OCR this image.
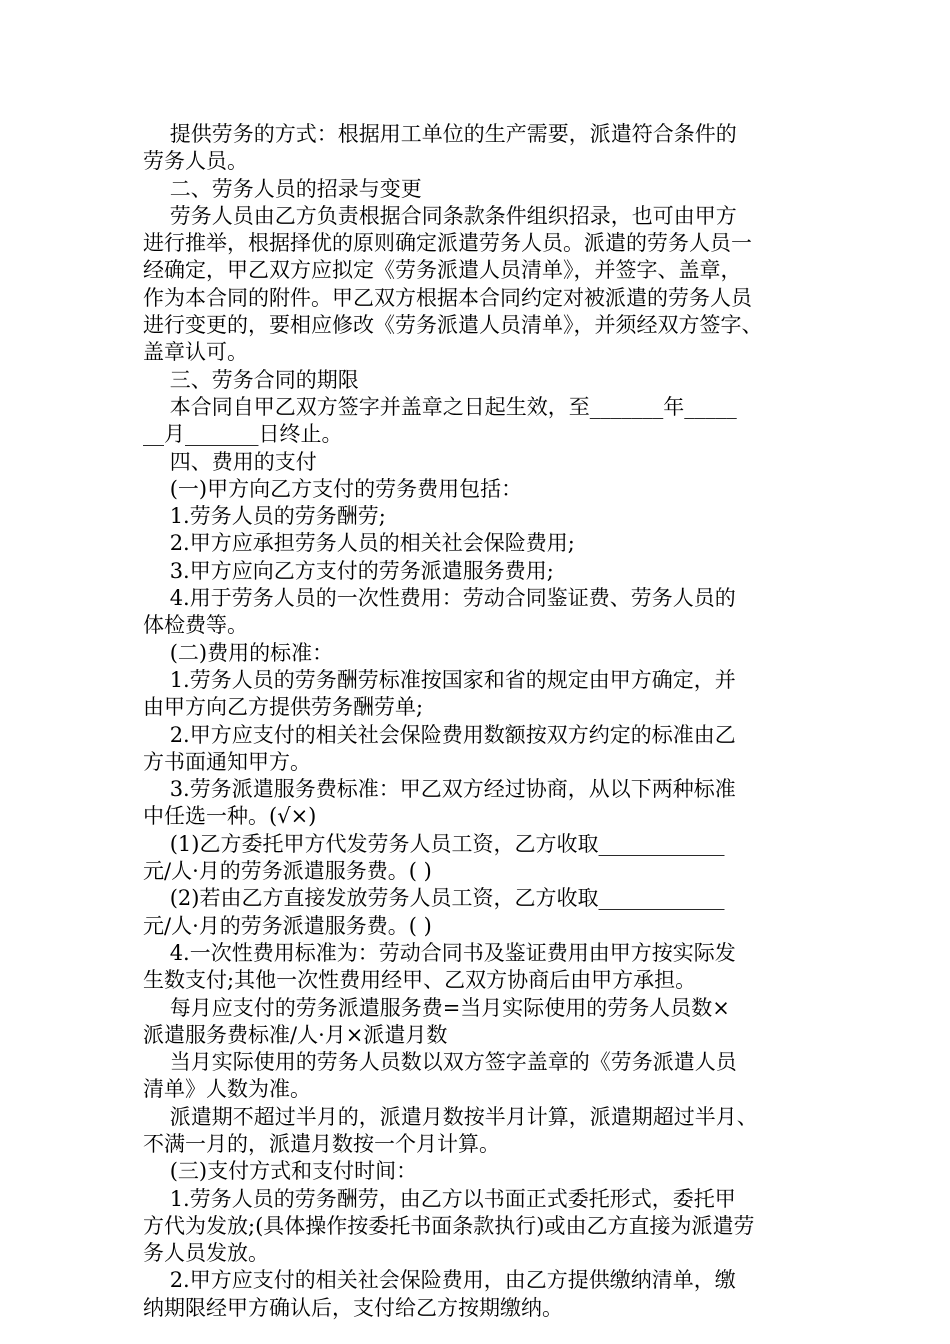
提供劳务的方式：根据用工单位的生产需要，派遣符合条件的
劳务人员。
二、劳务人员的招录与变更
劳务人员由乙方负责根据合同条款条件组织招录，也可由甲方
进行推举，根据择优的原则确定派遣劳务人员。派遣的劳务人员一
经确定，甲乙双方应拟定《劳务派遣人员清单》，并签字、盖章，
作为本合同的附件。甲乙双方根据本合同约定对被派遣的劳务人员
进行变更的，要相应修改《劳务派遣人员清单》，并须经双方签字、
盖章认可。
三、劳务合同的期限
本合同自甲乙双方签字并盖章之日起生效，至_______年_____
__月_______日终止。
四、费用的支付
(一)甲方向乙方支付的劳务费用包括：
1.劳务人员的劳务酬劳;
2.甲方应承担劳务人员的相关社会保险费用;
3.甲方应向乙方支付的劳务派遣服务费用;
4.用于劳务人员的一次性费用：劳动合同鉴证费、劳务人员的
体检费等。
(二)费用的标准：
1.劳务人员的劳务酬劳标准按国家和省的规定由甲方确定，并
由甲方向乙方提供劳务酬劳单;
2.甲方应支付的相关社会保险费用数额按双方约定的标准由乙
方书面通知甲方。
3.劳务派遣服务费标准：甲乙双方经过协商，从以下两种标准
中任选一种。(√×)
(1)乙方委托甲方代发劳务人员工资，乙方收取____________
元/人·月的劳务派遣服务费。( )
(2)若由乙方直接发放劳务人员工资，乙方收取____________
元/人·月的劳务派遣服务费。( )
4.一次性费用标准为：劳动合同书及鉴证费用由甲方按实际发
生数支付;其他一次性费用经甲、乙双方协商后由甲方承担。
每月应支付的劳务派遣服务费=当月实际使用的劳务人员数×
派遣服务费标准/人·月×派遣月数
当月实际使用的劳务人员数以双方签字盖章的《劳务派遣人员
清单》人数为准。
派遣期不超过半月的，派遣月数按半月计算，派遣期超过半月、
不满一月的，派遣月数按一个月计算。
(三)支付方式和支付时间：
1.劳务人员的劳务酬劳，由乙方以书面正式委托形式，委托甲
方代为发放;(具体操作按委托书面条款执行)或由乙方直接为派遣劳
务人员发放。
2.甲方应支付的相关社会保险费用，由乙方提供缴纳清单，缴
纳期限经甲方确认后，支付给乙方按期缴纳。
